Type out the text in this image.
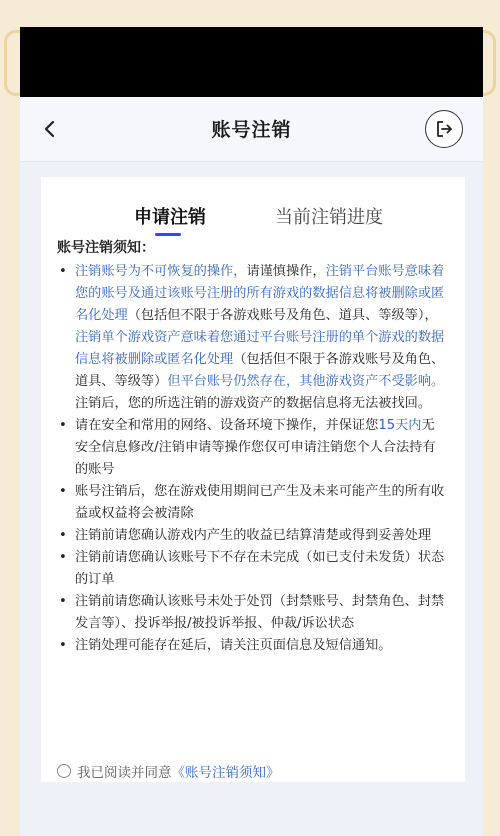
账号注销
申请注销	当前注销进度
账号注销须知：
• 注销账号为不可恢复的操作，请谨慎操作，注销平台账号意味着您的账号及通过该账号注册的所有游戏的数据信息将被删除或匿名化处理（包括但不限于各游戏账号及角色、道具、等级等），注销单个游戏资产意味着您通过平台账号注册的单个游戏的数据信息将被删除或匿名化处理（包括但不限于各游戏账号及角色、道具、等级等）但平台账号仍然存在，其他游戏资产不受影响。注销后，您的所选注销的游戏资产的数据信息将无法被找回。
• 请在安全和常用的网络、设备环境下操作，并保证您15天内无安全信息修改/注销申请等操作您仅可申请注销您个人合法持有的账号
• 账号注销后，您在游戏使用期间已产生及未来可能产生的所有收益或权益将会被清除
• 注销前请您确认游戏内产生的收益已结算清楚或得到妥善处理
• 注销前请您确认该账号下不存在未完成（如已支付未发货）状态的订单
• 注销前请您确认该账号未处于处罚（封禁账号、封禁角色、封禁发言等）、投诉举报/被投诉举报、仲裁/诉讼状态
• 注销处理可能存在延后，请关注页面信息及短信通知。
我已阅读并同意 《账号注销须知》
